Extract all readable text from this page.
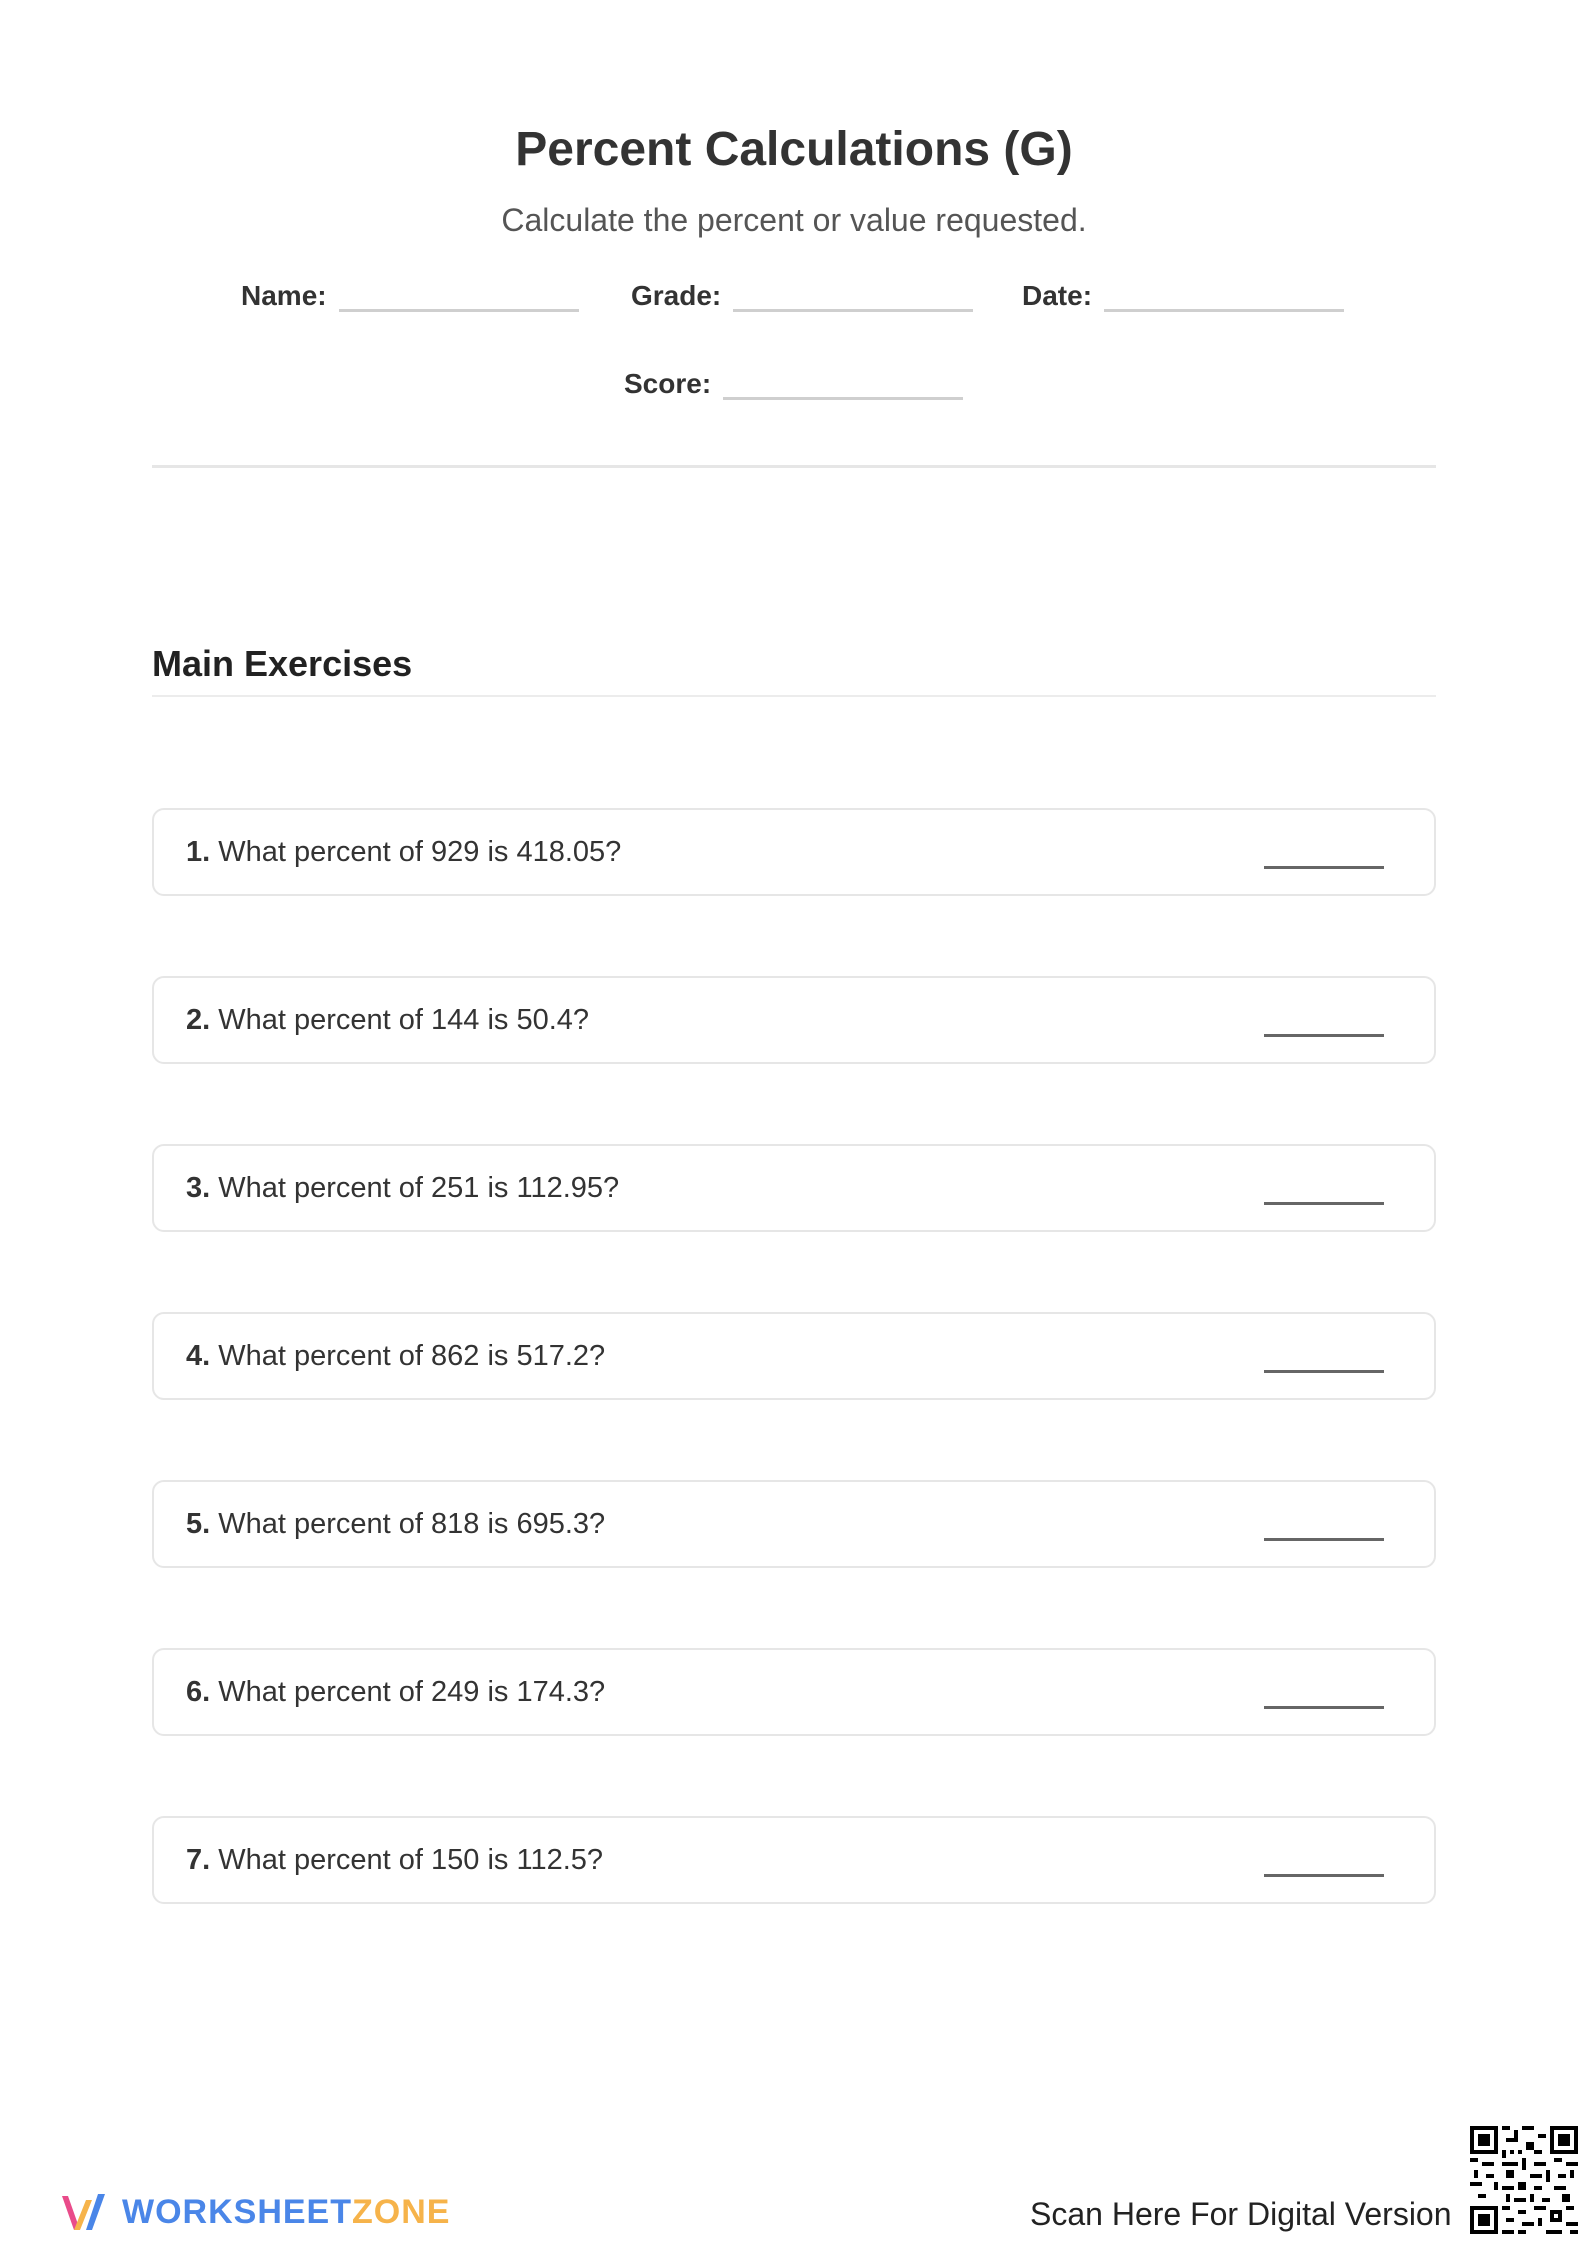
Percent Calculations (G)

Calculate the percent or value requested.

Name:	Grade:	Date:
Score:
Main Exercises
1. What percent of 929 is 418.05?
2. What percent of 144 is 50.4?
3. What percent of 251 is 112.95?
4. What percent of 862 is 517.2?
5. What percent of 818 is 695.3?
6. What percent of 249 is 174.3?
7. What percent of 150 is 112.5?
WORKSHEETZONE	Scan Here For Digital Version
